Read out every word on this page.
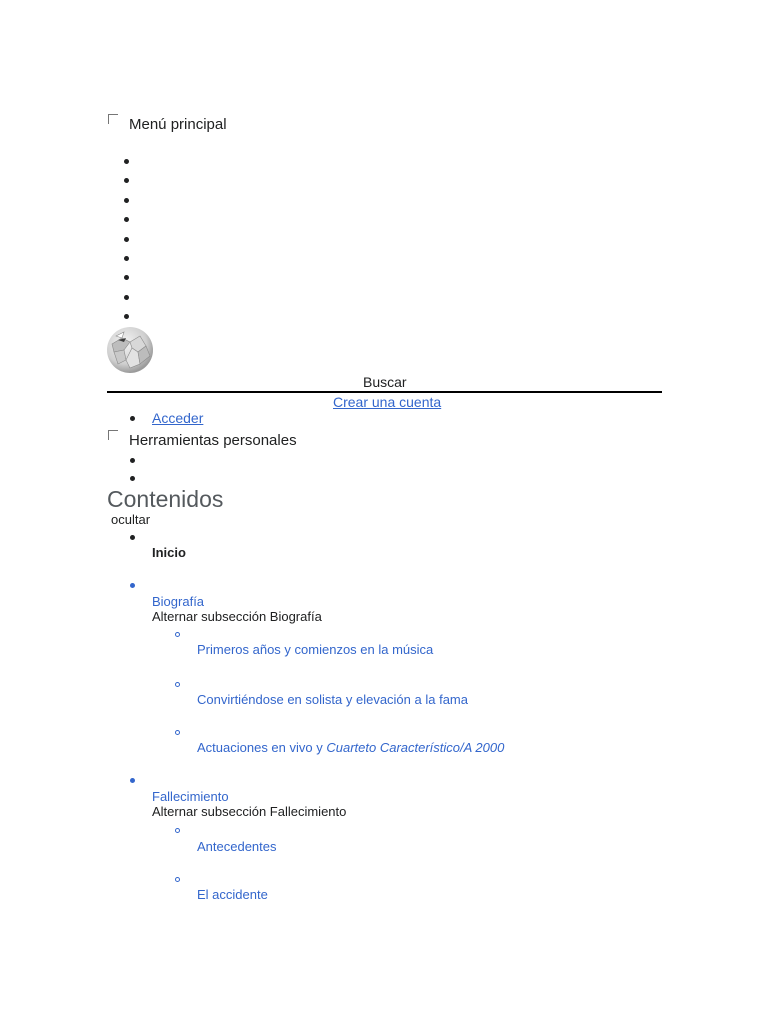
Menú principal
Buscar
Crear una cuenta
Acceder
Herramientas personales
Contenidos
ocultar
Inicio
Biografía
Alternar subsección Biografía
Primeros años y comienzos en la música
Convirtiéndose en solista y elevación a la fama
Actuaciones en vivo y Cuarteto Característico/A 2000
Fallecimiento
Alternar subsección Fallecimiento
Antecedentes
El accidente
